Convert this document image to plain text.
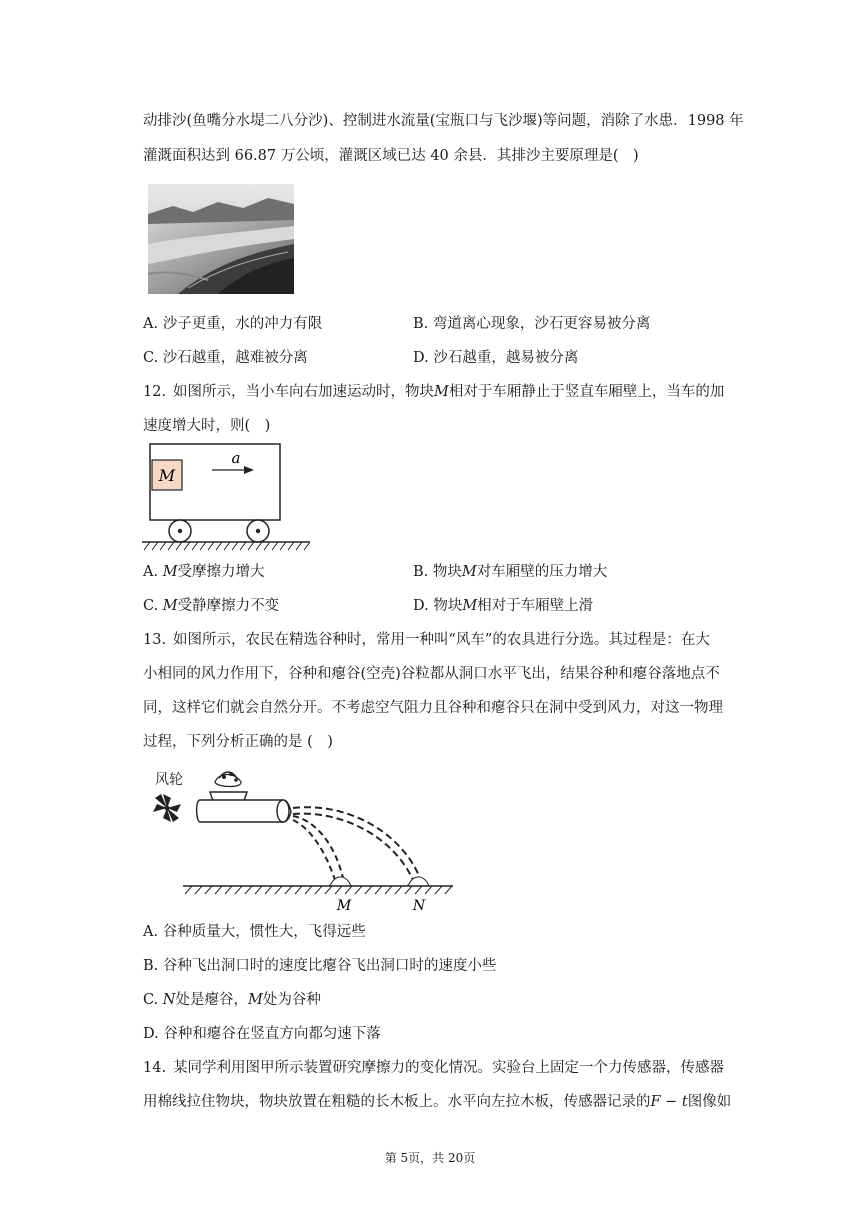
动排沙(鱼嘴分水堤二八分沙)、控制进水流量(宝瓶口与飞沙堰)等问题，消除了水患．1998 年
灌溉面积达到 66.87 万公顷，灌溉区域已达 40 余县．其排沙主要原理是(　)
A. 沙子更重，水的冲力有限	B. 弯道离心现象，沙石更容易被分离
C. 沙石越重，越难被分离	D. 沙石越重，越易被分离
12. 如图所示，当小车向右加速运动时，物块𝑀相对于车厢静止于竖直车厢壁上，当车的加
速度增大时，则(　)
𝑀
𝑎
A. 𝑀受摩擦力增大	B. 物块𝑀对车厢壁的压力增大
C. 𝑀受静摩擦力不变	D. 物块𝑀相对于车厢壁上滑
13. 如图所示，农民在精选谷种时，常用一种叫“风车”的农具进行分选。其过程是：在大
小相同的风力作用下，谷种和瘪谷(空壳)谷粒都从洞口水平飞出，结果谷种和瘪谷落地点不
同，这样它们就会自然分开。不考虑空气阻力且谷种和瘪谷只在洞中受到风力，对这一物理
过程，下列分析正确的是 (　)
风轮
𝑀	𝑁
A. 谷种质量大，惯性大，飞得远些
B. 谷种飞出洞口时的速度比瘪谷飞出洞口时的速度小些
C. 𝑁处是瘪谷，𝑀处为谷种
D. 谷种和瘪谷在竖直方向都匀速下落
14. 某同学利用图甲所示装置研究摩擦力的变化情况。实验台上固定一个力传感器，传感器
用棉线拉住物块，物块放置在粗糙的长木板上。水平向左拉木板，传感器记录的𝐹 − 𝑡图像如
第 5页，共 20页
